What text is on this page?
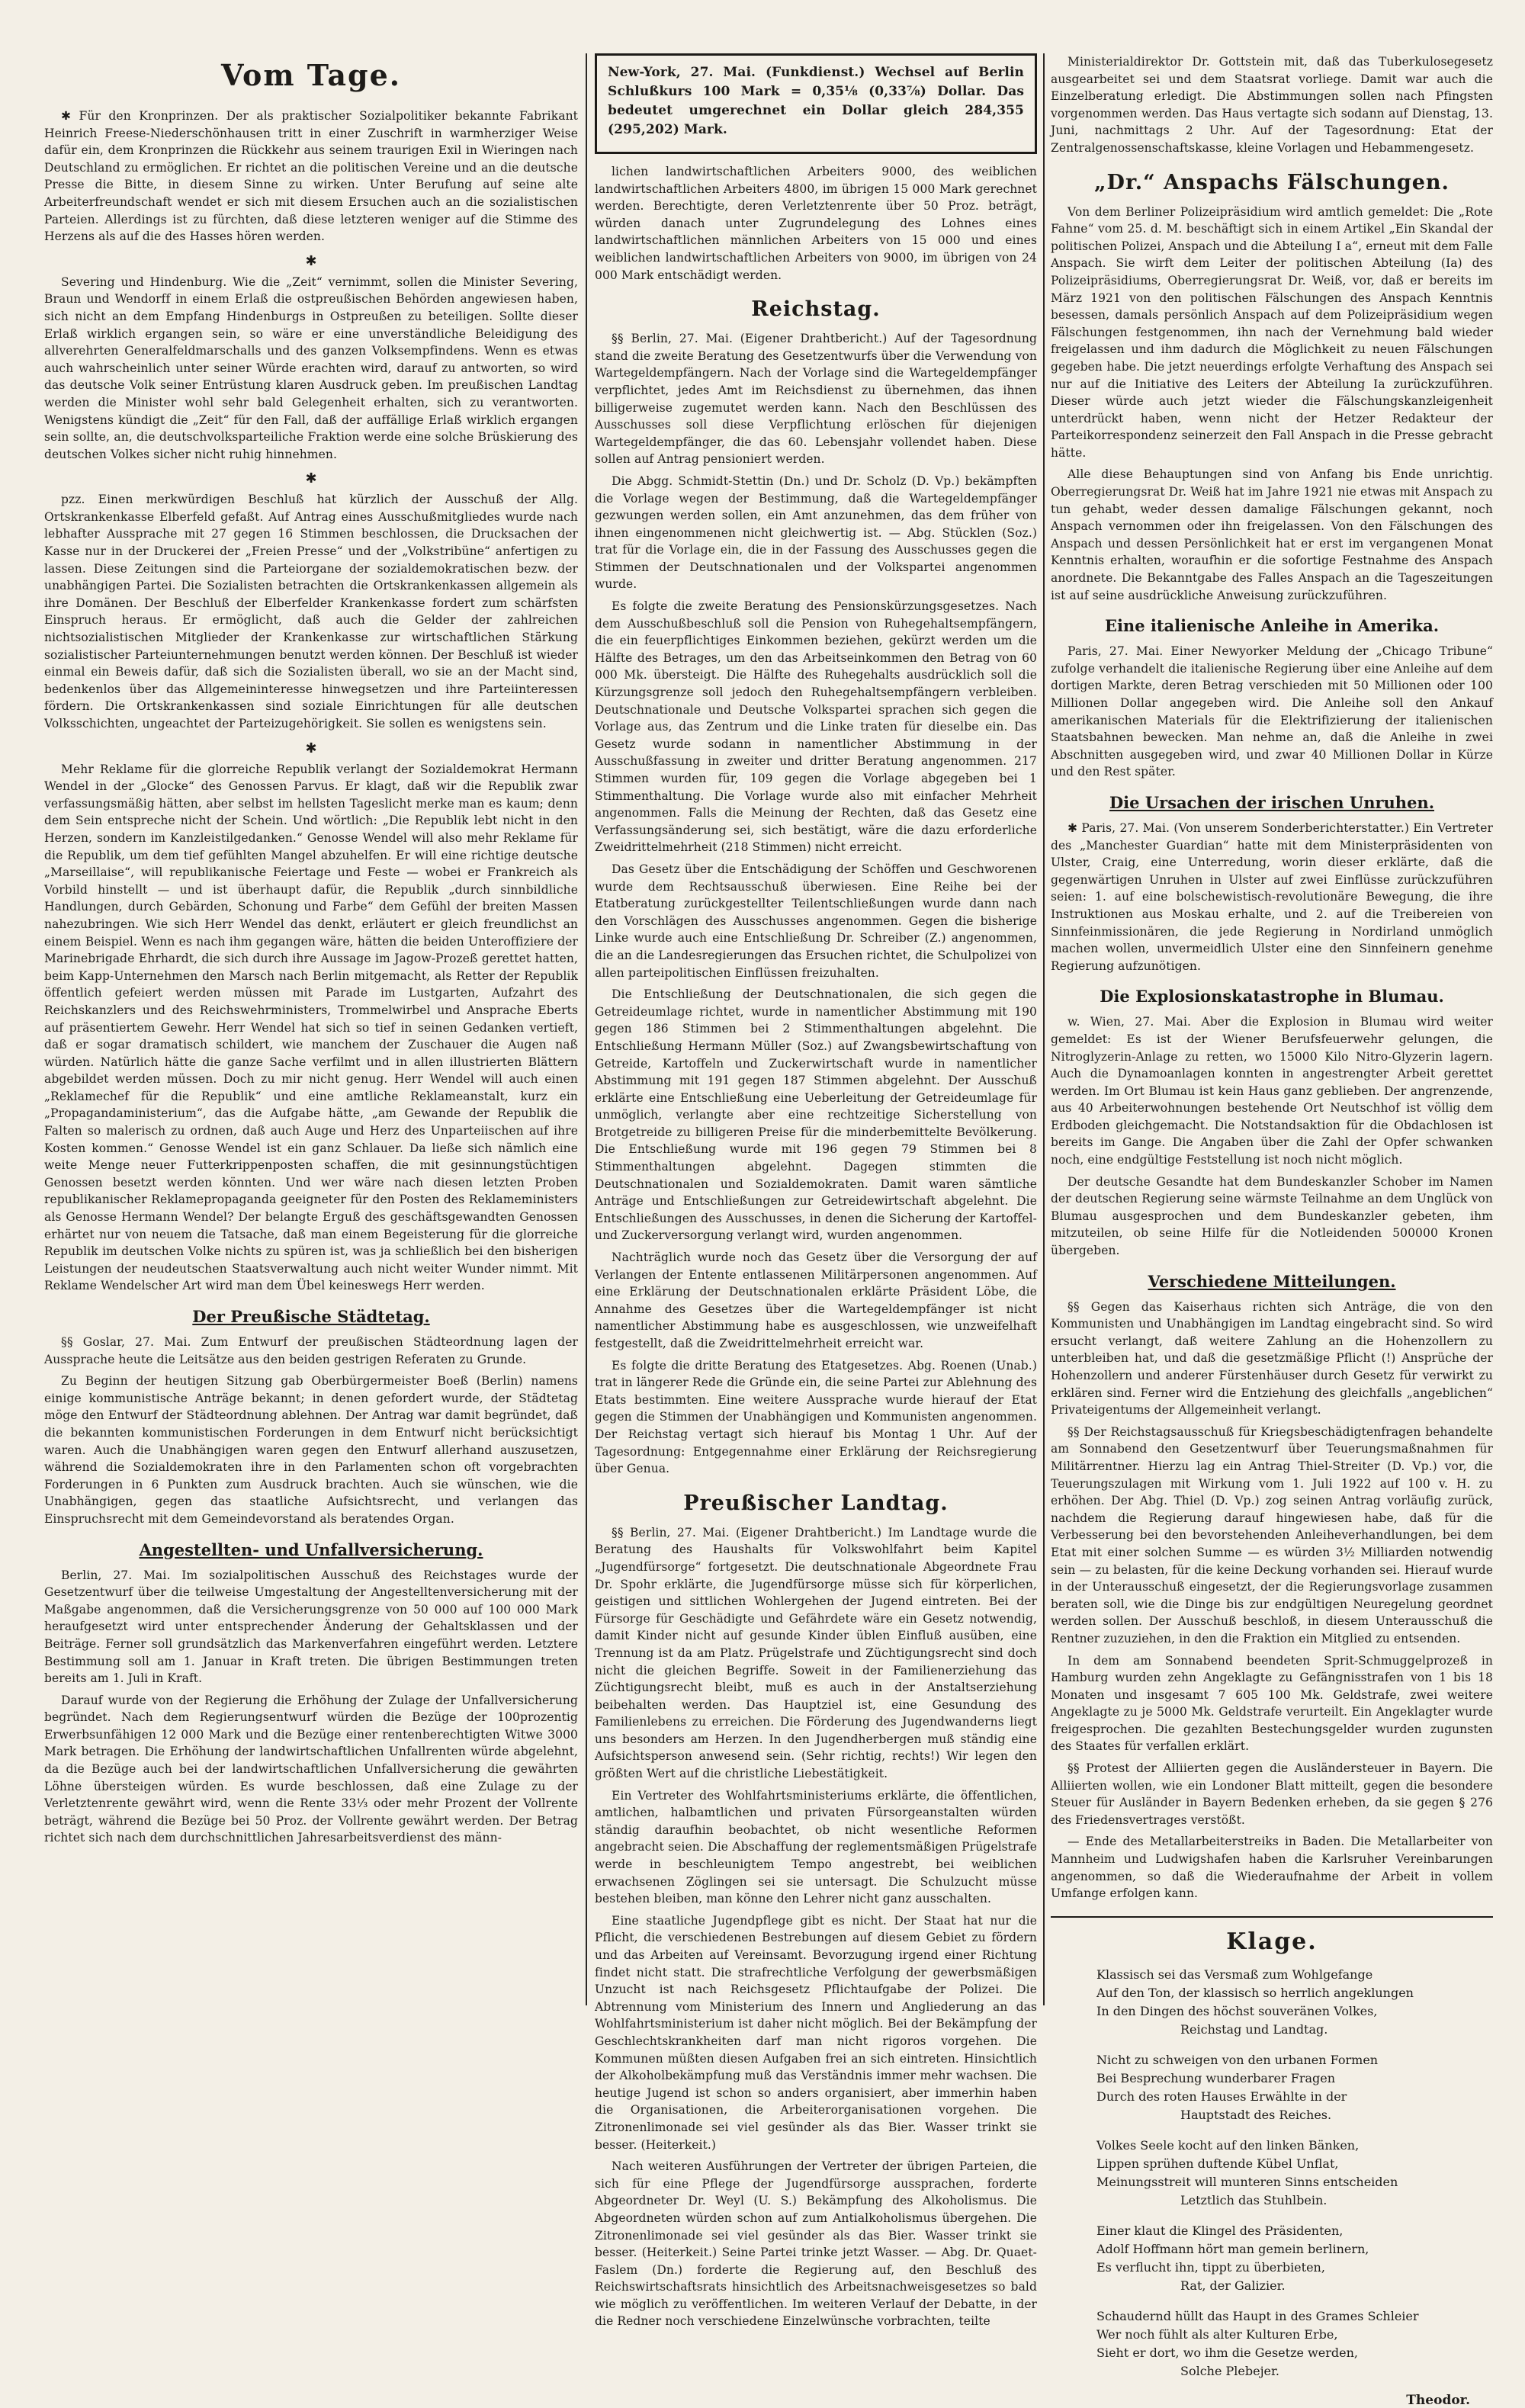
Vom Tage.

✱ Für den Kronprinzen. Der als praktischer Sozialpolitiker bekannte Fabrikant Heinrich Freese-Niederschönhausen tritt in einer Zuschrift in warmherziger Weise dafür ein, dem Kronprinzen die Rückkehr aus seinem traurigen Exil in Wieringen nach Deutschland zu ermöglichen. Er richtet an die politischen Vereine und an die deutsche Presse die Bitte, in diesem Sinne zu wirken. Unter Berufung auf seine alte Arbeiterfreundschaft wendet er sich mit diesem Ersuchen auch an die sozialistischen Parteien. Allerdings ist zu fürchten, daß diese letzteren weniger auf die Stimme des Herzens als auf die des Hasses hören werden.

✱

Severing und Hindenburg. Wie die „Zeit“ vernimmt, sollen die Minister Severing, Braun und Wendorff in einem Erlaß die ostpreußischen Behörden angewiesen haben, sich nicht an dem Empfang Hindenburgs in Ostpreußen zu beteiligen. Sollte dieser Erlaß wirklich ergangen sein, so wäre er eine unverständliche Beleidigung des allverehrten Generalfeldmarschalls und des ganzen Volksempfindens. Wenn es etwas auch wahrscheinlich unter seiner Würde erachten wird, darauf zu antworten, so wird das deutsche Volk seiner Entrüstung klaren Ausdruck geben. Im preußischen Landtag werden die Minister wohl sehr bald Gelegenheit erhalten, sich zu verantworten. Wenigstens kündigt die „Zeit“ für den Fall, daß der auffällige Erlaß wirklich ergangen sein sollte, an, die deutschvolksparteiliche Fraktion werde eine solche Brüskierung des deutschen Volkes sicher nicht ruhig hinnehmen.

✱

pzz. Einen merkwürdigen Beschluß hat kürzlich der Ausschuß der Allg. Ortskrankenkasse Elberfeld gefaßt. Auf Antrag eines Ausschußmitgliedes wurde nach lebhafter Aussprache mit 27 gegen 16 Stimmen beschlossen, die Drucksachen der Kasse nur in der Druckerei der „Freien Presse“ und der „Volkstribüne“ anfertigen zu lassen. Diese Zeitungen sind die Parteiorgane der sozialdemokratischen bezw. der unabhängigen Partei. Die Sozialisten betrachten die Ortskrankenkassen allgemein als ihre Domänen. Der Beschluß der Elberfelder Krankenkasse fordert zum schärfsten Einspruch heraus. Er ermöglicht, daß auch die Gelder der zahlreichen nichtsozialistischen Mitglieder der Krankenkasse zur wirtschaftlichen Stärkung sozialistischer Parteiunternehmungen benutzt werden können. Der Beschluß ist wieder einmal ein Beweis dafür, daß sich die Sozialisten überall, wo sie an der Macht sind, bedenkenlos über das Allgemeininteresse hinwegsetzen und ihre Parteiinteressen fördern. Die Ortskrankenkassen sind soziale Einrichtungen für alle deutschen Volksschichten, ungeachtet der Parteizugehörigkeit. Sie sollen es wenigstens sein.

✱

Mehr Reklame für die glorreiche Republik verlangt der Sozialdemokrat Hermann Wendel in der „Glocke“ des Genossen Parvus. Er klagt, daß wir die Republik zwar verfassungsmäßig hätten, aber selbst im hellsten Tageslicht merke man es kaum; denn dem Sein entspreche nicht der Schein. Und wörtlich: „Die Republik lebt nicht in den Herzen, sondern im Kanzleistilgedanken.“ Genosse Wendel will also mehr Reklame für die Republik, um dem tief gefühlten Mangel abzuhelfen. Er will eine richtige deutsche „Marseillaise“, will republikanische Feiertage und Feste — wobei er Frankreich als Vorbild hinstellt — und ist überhaupt dafür, die Republik „durch sinnbildliche Handlungen, durch Gebärden, Schonung und Farbe“ dem Gefühl der breiten Massen nahezubringen. Wie sich Herr Wendel das denkt, erläutert er gleich freundlichst an einem Beispiel. Wenn es nach ihm gegangen wäre, hätten die beiden Unteroffiziere der Marinebrigade Ehrhardt, die sich durch ihre Aussage im Jagow-Prozeß gerettet hatten, beim Kapp-Unternehmen den Marsch nach Berlin mitgemacht, als Retter der Republik öffentlich gefeiert werden müssen mit Parade im Lustgarten, Aufzahrt des Reichskanzlers und des Reichswehrministers, Trommelwirbel und Ansprache Eberts auf präsentiertem Gewehr. Herr Wendel hat sich so tief in seinen Gedanken vertieft, daß er sogar dramatisch schildert, wie manchem der Zuschauer die Augen naß würden. Natürlich hätte die ganze Sache verfilmt und in allen illustrierten Blättern abgebildet werden müssen. Doch zu mir nicht genug. Herr Wendel will auch einen „Reklamechef für die Republik“ und eine amtliche Reklameanstalt, kurz ein „Propagandaministerium“, das die Aufgabe hätte, „am Gewande der Republik die Falten so malerisch zu ordnen, daß auch Auge und Herz des Unparteiischen auf ihre Kosten kommen.“ Genosse Wendel ist ein ganz Schlauer. Da ließe sich nämlich eine weite Menge neuer Futterkrippenposten schaffen, die mit gesinnungstüchtigen Genossen besetzt werden könnten. Und wer wäre nach diesen letzten Proben republikanischer Reklamepropaganda geeigneter für den Posten des Reklameministers als Genosse Hermann Wendel? Der belangte Erguß des geschäftsgewandten Genossen erhärtet nur von neuem die Tatsache, daß man einem Begeisterung für die glorreiche Republik im deutschen Volke nichts zu spüren ist, was ja schließlich bei den bisherigen Leistungen der neudeutschen Staatsverwaltung auch nicht weiter Wunder nimmt. Mit Reklame Wendelscher Art wird man dem Übel keineswegs Herr werden.

Der Preußische Städtetag.

§§ Goslar, 27. Mai. Zum Entwurf der preußischen Städteordnung lagen der Aussprache heute die Leitsätze aus den beiden gestrigen Referaten zu Grunde.

Zu Beginn der heutigen Sitzung gab Oberbürgermeister Boeß (Berlin) namens einige kommunistische Anträge bekannt; in denen gefordert wurde, der Städtetag möge den Entwurf der Städteordnung ablehnen. Der Antrag war damit begründet, daß die bekannten kommunistischen Forderungen in dem Entwurf nicht berücksichtigt waren. Auch die Unabhängigen waren gegen den Entwurf allerhand auszusetzen, während die Sozialdemokraten ihre in den Parlamenten schon oft vorgebrachten Forderungen in 6 Punkten zum Ausdruck brachten. Auch sie wünschen, wie die Unabhängigen, gegen das staatliche Aufsichtsrecht, und verlangen das Einspruchsrecht mit dem Gemeindevorstand als beratendes Organ.

Angestellten- und Unfallversicherung.

Berlin, 27. Mai. Im sozialpolitischen Ausschuß des Reichstages wurde der Gesetzentwurf über die teilweise Umgestaltung der Angestelltenversicherung mit der Maßgabe angenommen, daß die Versicherungsgrenze von 50 000 auf 100 000 Mark heraufgesetzt wird unter entsprechender Änderung der Gehaltsklassen und der Beiträge. Ferner soll grundsätzlich das Markenverfahren eingeführt werden. Letztere Bestimmung soll am 1. Januar in Kraft treten. Die übrigen Bestimmungen treten bereits am 1. Juli in Kraft.

Darauf wurde von der Regierung die Erhöhung der Zulage der Unfallversicherung begründet. Nach dem Regierungsentwurf würden die Bezüge der 100prozentig Erwerbsunfähigen 12 000 Mark und die Bezüge einer rentenberechtigten Witwe 3000 Mark betragen. Die Erhöhung der landwirtschaftlichen Unfallrenten würde abgelehnt, da die Bezüge auch bei der landwirtschaftlichen Unfallversicherung die gewährten Löhne übersteigen würden. Es wurde beschlossen, daß eine Zulage zu der Verletztenrente gewährt wird, wenn die Rente 33⅓ oder mehr Prozent der Vollrente beträgt, während die Bezüge bei 50 Proz. der Vollrente gewährt werden. Der Betrag richtet sich nach dem durchschnittlichen Jahresarbeitsverdienst des männ-

New-York, 27. Mai. (Funkdienst.) Wechsel auf Berlin Schlußkurs 100 Mark = 0,35⅛ (0,33⅞) Dollar. Das bedeutet umgerechnet ein Dollar gleich 284,355 (295,202) Mark.

lichen landwirtschaftlichen Arbeiters 9000, des weiblichen landwirtschaftlichen Arbeiters 4800, im übrigen 15 000 Mark gerechnet werden. Berechtigte, deren Verletztenrente über 50 Proz. beträgt, würden danach unter Zugrundelegung des Lohnes eines landwirtschaftlichen männlichen Arbeiters von 15 000 und eines weiblichen landwirtschaftlichen Arbeiters von 9000, im übrigen von 24 000 Mark entschädigt werden.

Reichstag.

§§ Berlin, 27. Mai. (Eigener Drahtbericht.) Auf der Tagesordnung stand die zweite Beratung des Gesetzentwurfs über die Verwendung von Wartegeldempfängern. Nach der Vorlage sind die Wartegeldempfänger verpflichtet, jedes Amt im Reichsdienst zu übernehmen, das ihnen billigerweise zugemutet werden kann. Nach den Beschlüssen des Ausschusses soll diese Verpflichtung erlöschen für diejenigen Wartegeldempfänger, die das 60. Lebensjahr vollendet haben. Diese sollen auf Antrag pensioniert werden.

Die Abgg. Schmidt-Stettin (Dn.) und Dr. Scholz (D. Vp.) bekämpften die Vorlage wegen der Bestimmung, daß die Wartegeldempfänger gezwungen werden sollen, ein Amt anzunehmen, das dem früher von ihnen eingenommenen nicht gleichwertig ist. — Abg. Stücklen (Soz.) trat für die Vorlage ein, die in der Fassung des Ausschusses gegen die Stimmen der Deutschnationalen und der Volkspartei angenommen wurde.

Es folgte die zweite Beratung des Pensionskürzungsgesetzes. Nach dem Ausschußbeschluß soll die Pension von Ruhegehaltsempfängern, die ein feuerpflichtiges Einkommen beziehen, gekürzt werden um die Hälfte des Betrages, um den das Arbeitseinkommen den Betrag von 60 000 Mk. übersteigt. Die Hälfte des Ruhegehalts ausdrücklich soll die Kürzungsgrenze soll jedoch den Ruhegehaltsempfängern verbleiben. Deutschnationale und Deutsche Volkspartei sprachen sich gegen die Vorlage aus, das Zentrum und die Linke traten für dieselbe ein. Das Gesetz wurde sodann in namentlicher Abstimmung in der Ausschußfassung in zweiter und dritter Beratung angenommen. 217 Stimmen wurden für, 109 gegen die Vorlage abgegeben bei 1 Stimmenthaltung. Die Vorlage wurde also mit einfacher Mehrheit angenommen. Falls die Meinung der Rechten, daß das Gesetz eine Verfassungsänderung sei, sich bestätigt, wäre die dazu erforderliche Zweidrittelmehrheit (218 Stimmen) nicht erreicht.

Das Gesetz über die Entschädigung der Schöffen und Geschworenen wurde dem Rechtsausschuß überwiesen. Eine Reihe bei der Etatberatung zurückgestellter Teilentschließungen wurde dann nach den Vorschlägen des Ausschusses angenommen. Gegen die bisherige Linke wurde auch eine Entschließung Dr. Schreiber (Z.) angenommen, die an die Landesregierungen das Ersuchen richtet, die Schulpolizei von allen parteipolitischen Einflüssen freizuhalten.

Die Entschließung der Deutschnationalen, die sich gegen die Getreideumlage richtet, wurde in namentlicher Abstimmung mit 190 gegen 186 Stimmen bei 2 Stimmenthaltungen abgelehnt. Die Entschließung Hermann Müller (Soz.) auf Zwangsbewirtschaftung von Getreide, Kartoffeln und Zuckerwirtschaft wurde in namentlicher Abstimmung mit 191 gegen 187 Stimmen abgelehnt. Der Ausschuß erklärte eine Entschließung eine Ueberleitung der Getreideumlage für unmöglich, verlangte aber eine rechtzeitige Sicherstellung von Brotgetreide zu billigeren Preise für die minderbemittelte Bevölkerung. Die Entschließung wurde mit 196 gegen 79 Stimmen bei 8 Stimmenthaltungen abgelehnt. Dagegen stimmten die Deutschnationalen und Sozialdemokraten. Damit waren sämtliche Anträge und Entschließungen zur Getreidewirtschaft abgelehnt. Die Entschließungen des Ausschusses, in denen die Sicherung der Kartoffel- und Zuckerversorgung verlangt wird, wurden angenommen.

Nachträglich wurde noch das Gesetz über die Versorgung der auf Verlangen der Entente entlassenen Militärpersonen angenommen. Auf eine Erklärung der Deutschnationalen erklärte Präsident Löbe, die Annahme des Gesetzes über die Wartegeldempfänger ist nicht namentlicher Abstimmung habe es ausgeschlossen, wie unzweifelhaft festgestellt, daß die Zweidrittelmehrheit erreicht war.

Es folgte die dritte Beratung des Etatgesetzes. Abg. Roenen (Unab.) trat in längerer Rede die Gründe ein, die seine Partei zur Ablehnung des Etats bestimmten. Eine weitere Aussprache wurde hierauf der Etat gegen die Stimmen der Unabhängigen und Kommunisten angenommen. Der Reichstag vertagt sich hierauf bis Montag 1 Uhr. Auf der Tagesordnung: Entgegennahme einer Erklärung der Reichsregierung über Genua.

Preußischer Landtag.

§§ Berlin, 27. Mai. (Eigener Drahtbericht.) Im Landtage wurde die Beratung des Haushalts für Volkswohlfahrt beim Kapitel „Jugendfürsorge“ fortgesetzt. Die deutschnationale Abgeordnete Frau Dr. Spohr erklärte, die Jugendfürsorge müsse sich für körperlichen, geistigen und sittlichen Wohlergehen der Jugend eintreten. Bei der Fürsorge für Geschädigte und Gefährdete wäre ein Gesetz notwendig, damit Kinder nicht auf gesunde Kinder üblen Einfluß ausüben, eine Trennung ist da am Platz. Prügelstrafe und Züchtigungsrecht sind doch nicht die gleichen Begriffe. Soweit in der Familienerziehung das Züchtigungsrecht bleibt, muß es auch in der Anstaltserziehung beibehalten werden. Das Hauptziel ist, eine Gesundung des Familienlebens zu erreichen. Die Förderung des Jugendwanderns liegt uns besonders am Herzen. In den Jugendherbergen muß ständig eine Aufsichtsperson anwesend sein. (Sehr richtig, rechts!) Wir legen den größten Wert auf die christliche Liebestätigkeit.

Ein Vertreter des Wohlfahrtsministeriums erklärte, die öffentlichen, amtlichen, halbamtlichen und privaten Fürsorgeanstalten würden ständig daraufhin beobachtet, ob nicht wesentliche Reformen angebracht seien. Die Abschaffung der reglementsmäßigen Prügelstrafe werde in beschleunigtem Tempo angestrebt, bei weiblichen erwachsenen Zöglingen sei sie untersagt. Die Schulzucht müsse bestehen bleiben, man könne den Lehrer nicht ganz ausschalten.

Eine staatliche Jugendpflege gibt es nicht. Der Staat hat nur die Pflicht, die verschiedenen Bestrebungen auf diesem Gebiet zu fördern und das Arbeiten auf Vereinsamt. Bevorzugung irgend einer Richtung findet nicht statt. Die strafrechtliche Verfolgung der gewerbsmäßigen Unzucht ist nach Reichsgesetz Pflichtaufgabe der Polizei. Die Abtrennung vom Ministerium des Innern und Angliederung an das Wohlfahrtsministerium ist daher nicht möglich. Bei der Bekämpfung der Geschlechtskrankheiten darf man nicht rigoros vorgehen. Die Kommunen müßten diesen Aufgaben frei an sich eintreten. Hinsichtlich der Alkoholbekämpfung muß das Verständnis immer mehr wachsen. Die heutige Jugend ist schon so anders organisiert, aber immerhin haben die Organisationen, die Arbeiterorganisationen vorgehen. Die Zitronenlimonade sei viel gesünder als das Bier. Wasser trinkt sie besser. (Heiterkeit.)

Nach weiteren Ausführungen der Vertreter der übrigen Parteien, die sich für eine Pflege der Jugendfürsorge aussprachen, forderte Abgeordneter Dr. Weyl (U. S.) Bekämpfung des Alkoholismus. Die Abgeordneten würden schon auf zum Antialkoholismus übergehen. Die Zitronenlimonade sei viel gesünder als das Bier. Wasser trinkt sie besser. (Heiterkeit.) Seine Partei trinke jetzt Wasser. — Abg. Dr. Quaet-Faslem (Dn.) forderte die Regierung auf, den Beschluß des Reichswirtschaftsrats hinsichtlich des Arbeitsnachweisgesetzes so bald wie möglich zu veröffentlichen. Im weiteren Verlauf der Debatte, in der die Redner noch verschiedene Einzelwünsche vorbrachten, teilte

Ministerialdirektor Dr. Gottstein mit, daß das Tuberkulosegesetz ausgearbeitet sei und dem Staatsrat vorliege. Damit war auch die Einzelberatung erledigt. Die Abstimmungen sollen nach Pfingsten vorgenommen werden. Das Haus vertagte sich sodann auf Dienstag, 13. Juni, nachmittags 2 Uhr. Auf der Tagesordnung: Etat der Zentralgenossenschaftskasse, kleine Vorlagen und Hebammengesetz.

„Dr.“ Anspachs Fälschungen.

Von dem Berliner Polizeipräsidium wird amtlich gemeldet: Die „Rote Fahne“ vom 25. d. M. beschäftigt sich in einem Artikel „Ein Skandal der politischen Polizei, Anspach und die Abteilung I a“, erneut mit dem Falle Anspach. Sie wirft dem Leiter der politischen Abteilung (Ia) des Polizeipräsidiums, Oberregierungsrat Dr. Weiß, vor, daß er bereits im März 1921 von den politischen Fälschungen des Anspach Kenntnis besessen, damals persönlich Anspach auf dem Polizeipräsidium wegen Fälschungen festgenommen, ihn nach der Vernehmung bald wieder freigelassen und ihm dadurch die Möglichkeit zu neuen Fälschungen gegeben habe. Die jetzt neuerdings erfolgte Verhaftung des Anspach sei nur auf die Initiative des Leiters der Abteilung Ia zurückzuführen. Dieser würde auch jetzt wieder die Fälschungskanzleigenheit unterdrückt haben, wenn nicht der Hetzer Redakteur der Parteikorrespondenz seinerzeit den Fall Anspach in die Presse gebracht hätte.

Alle diese Behauptungen sind von Anfang bis Ende unrichtig. Oberregierungsrat Dr. Weiß hat im Jahre 1921 nie etwas mit Anspach zu tun gehabt, weder dessen damalige Fälschungen gekannt, noch Anspach vernommen oder ihn freigelassen. Von den Fälschungen des Anspach und dessen Persönlichkeit hat er erst im vergangenen Monat Kenntnis erhalten, woraufhin er die sofortige Festnahme des Anspach anordnete. Die Bekanntgabe des Falles Anspach an die Tageszeitungen ist auf seine ausdrückliche Anweisung zurückzuführen.

Eine italienische Anleihe in Amerika.

Paris, 27. Mai. Einer Newyorker Meldung der „Chicago Tribune“ zufolge verhandelt die italienische Regierung über eine Anleihe auf dem dortigen Markte, deren Betrag verschieden mit 50 Millionen oder 100 Millionen Dollar angegeben wird. Die Anleihe soll den Ankauf amerikanischen Materials für die Elektrifizierung der italienischen Staatsbahnen bewecken. Man nehme an, daß die Anleihe in zwei Abschnitten ausgegeben wird, und zwar 40 Millionen Dollar in Kürze und den Rest später.

Die Ursachen der irischen Unruhen.

✱ Paris, 27. Mai. (Von unserem Sonderberichterstatter.) Ein Vertreter des „Manchester Guardian“ hatte mit dem Ministerpräsidenten von Ulster, Craig, eine Unterredung, worin dieser erklärte, daß die gegenwärtigen Unruhen in Ulster auf zwei Einflüsse zurückzuführen seien: 1. auf eine bolschewistisch-revolutionäre Bewegung, die ihre Instruktionen aus Moskau erhalte, und 2. auf die Treibereien von Sinnfeinmissionären, die jede Regierung in Nordirland unmöglich machen wollen, unvermeidlich Ulster eine den Sinnfeinern genehme Regierung aufzunötigen.

Die Explosionskatastrophe in Blumau.

w. Wien, 27. Mai. Aber die Explosion in Blumau wird weiter gemeldet: Es ist der Wiener Berufsfeuerwehr gelungen, die Nitroglyzerin-Anlage zu retten, wo 15000 Kilo Nitro-Glyzerin lagern. Auch die Dynamoanlagen konnten in angestrengter Arbeit gerettet werden. Im Ort Blumau ist kein Haus ganz geblieben. Der angrenzende, aus 40 Arbeiterwohnungen bestehende Ort Neutschhof ist völlig dem Erdboden gleichgemacht. Die Notstandsaktion für die Obdachlosen ist bereits im Gange. Die Angaben über die Zahl der Opfer schwanken noch, eine endgültige Feststellung ist noch nicht möglich.

Der deutsche Gesandte hat dem Bundeskanzler Schober im Namen der deutschen Regierung seine wärmste Teilnahme an dem Unglück von Blumau ausgesprochen und dem Bundeskanzler gebeten, ihm mitzuteilen, ob seine Hilfe für die Notleidenden 500000 Kronen übergeben.

Verschiedene Mitteilungen.

§§ Gegen das Kaiserhaus richten sich Anträge, die von den Kommunisten und Unabhängigen im Landtag eingebracht sind. So wird ersucht verlangt, daß weitere Zahlung an die Hohenzollern zu unterbleiben hat, und daß die gesetzmäßige Pflicht (!) Ansprüche der Hohenzollern und anderer Fürstenhäuser durch Gesetz für verwirkt zu erklären sind. Ferner wird die Entziehung des gleichfalls „angeblichen“ Privateigentums der Allgemeinheit verlangt.

§§ Der Reichstagsausschuß für Kriegsbeschädigtenfragen behandelte am Sonnabend den Gesetzentwurf über Teuerungsmaßnahmen für Militärrentner. Hierzu lag ein Antrag Thiel-Streiter (D. Vp.) vor, die Teuerungszulagen mit Wirkung vom 1. Juli 1922 auf 100 v. H. zu erhöhen. Der Abg. Thiel (D. Vp.) zog seinen Antrag vorläufig zurück, nachdem die Regierung darauf hingewiesen habe, daß für die Verbesserung bei den bevorstehenden Anleiheverhandlungen, bei dem Etat mit einer solchen Summe — es würden 3½ Milliarden notwendig sein — zu belasten, für die keine Deckung vorhanden sei. Hierauf wurde in der Unterausschuß eingesetzt, der die Regierungsvorlage zusammen beraten soll, wie die Dinge bis zur endgültigen Neuregelung geordnet werden sollen. Der Ausschuß beschloß, in diesem Unterausschuß die Rentner zuzuziehen, in den die Fraktion ein Mitglied zu entsenden.

In dem am Sonnabend beendeten Sprit-Schmuggelprozeß in Hamburg wurden zehn Angeklagte zu Gefängnisstrafen von 1 bis 18 Monaten und insgesamt 7 605 100 Mk. Geldstrafe, zwei weitere Angeklagte zu je 5000 Mk. Geldstrafe verurteilt. Ein Angeklagter wurde freigesprochen. Die gezahlten Bestechungsgelder wurden zugunsten des Staates für verfallen erklärt.

§§ Protest der Alliierten gegen die Ausländersteuer in Bayern. Die Alliierten wollen, wie ein Londoner Blatt mitteilt, gegen die besondere Steuer für Ausländer in Bayern Bedenken erheben, da sie gegen § 276 des Friedensvertrages verstößt.

— Ende des Metallarbeiterstreiks in Baden. Die Metallarbeiter von Mannheim und Ludwigshafen haben die Karlsruher Vereinbarungen angenommen, so daß die Wiederaufnahme der Arbeit in vollem Umfange erfolgen kann.

Klage.
Klassisch sei das Versmaß zum Wohlgefange
Auf den Ton, der klassisch so herrlich angeklungen
In den Dingen des höchst souveränen Volkes,
Reichstag und Landtag.
Nicht zu schweigen von den urbanen Formen
Bei Besprechung wunderbarer Fragen
Durch des roten Hauses Erwählte in der
Hauptstadt des Reiches.
Volkes Seele kocht auf den linken Bänken,
Lippen sprühen duftende Kübel Unflat,
Meinungsstreit will munteren Sinns entscheiden
Letztlich das Stuhlbein.
Einer klaut die Klingel des Präsidenten,
Adolf Hoffmann hört man gemein berlinern,
Es verflucht ihn, tippt zu überbieten,
Rat, der Galizier.
Schaudernd hüllt das Haupt in des Grames Schleier
Wer noch fühlt als alter Kulturen Erbe,
Sieht er dort, wo ihm die Gesetze werden,
Solche Plebejer.
Theodor.
